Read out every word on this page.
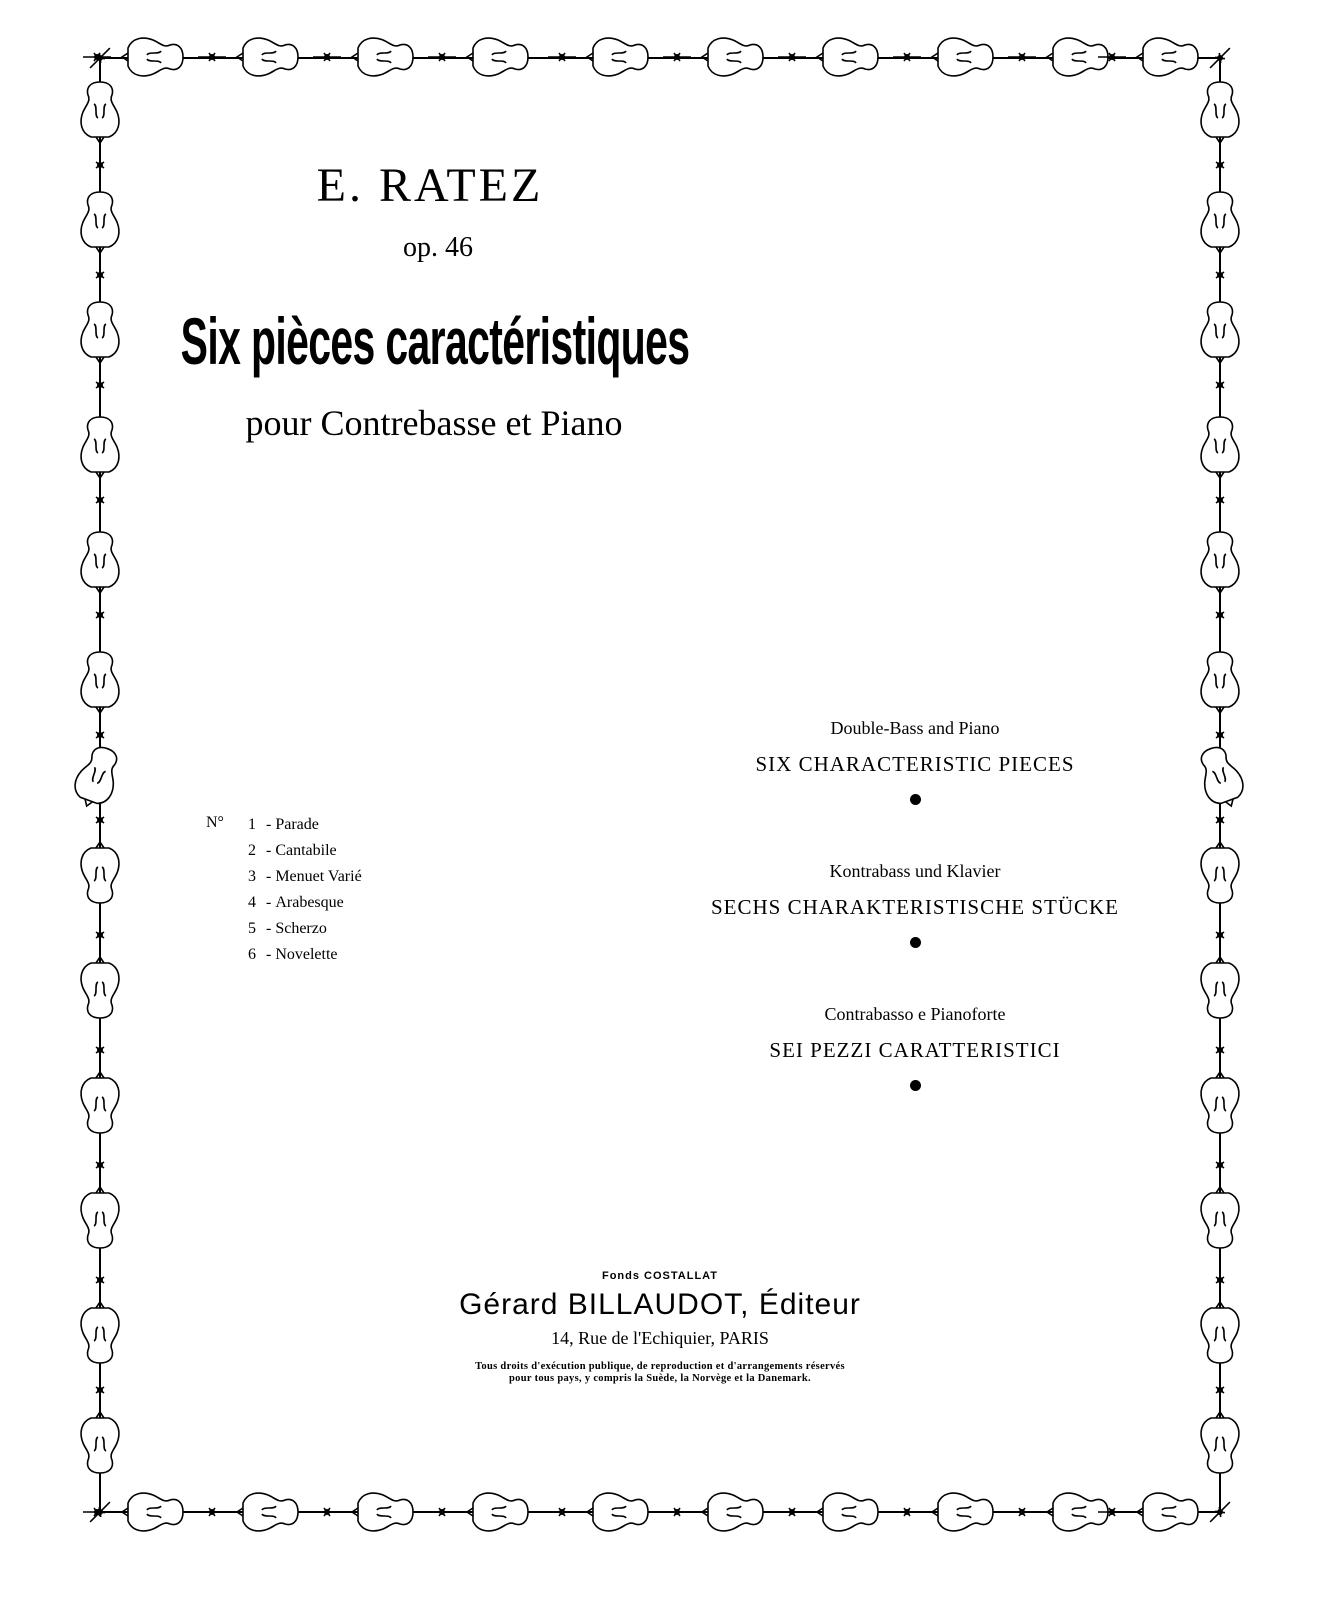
E. RATEZ
op. 46
Six pièces caractéristiques
pour Contrebasse et Piano
N°	1 - Parade
2 - Cantabile
3 - Menuet Varié
4 - Arabesque
5 - Scherzo
6 - Novelette
Double-Bass and Piano
SIX CHARACTERISTIC PIECES
Kontrabass und Klavier
SECHS CHARAKTERISTISCHE STÜCKE
Contrabasso e Pianoforte
SEI PEZZI CARATTERISTICI
Fonds COSTALLAT
Gérard BILLAUDOT, Éditeur
14, Rue de l'Echiquier, PARIS
Tous droits d'exécution publique, de reproduction et d'arrangements réservés
pour tous pays, y compris la Suède, la Norvège et la Danemark.
